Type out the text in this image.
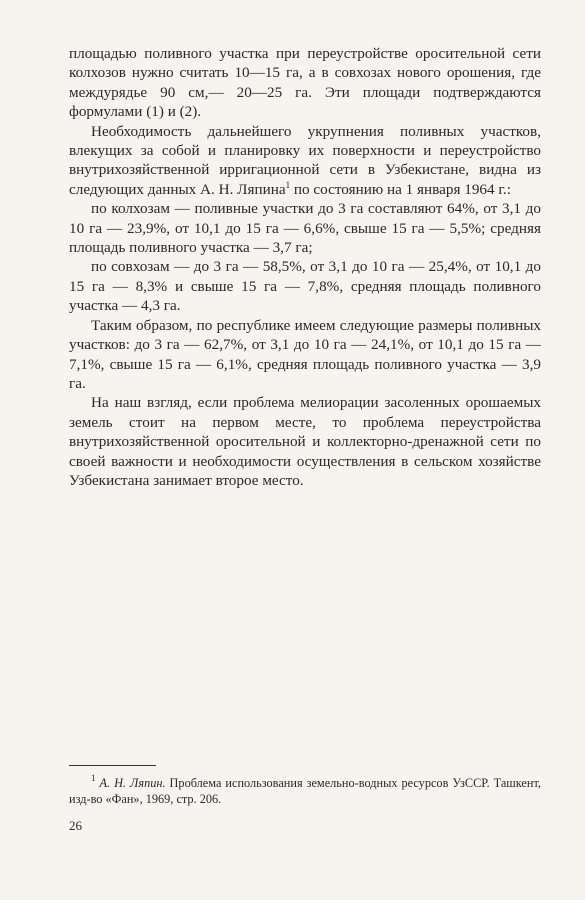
площадью поливного участка при переустройстве оросительной сети колхозов нужно считать 10—15 га, а в совхозах нового орошения, где междурядье 90 см,— 20—25 га. Эти площади подтверждаются формулами (1) и (2).

Необходимость дальнейшего укрупнения поливных участков, влекущих за собой и планировку их поверхности и переустройство внутрихозяйственной ирригационной сети в Узбекистане, видна из следующих данных А. Н. Ляпина$^1$ по состоянию на 1 января 1964 г.:

по колхозам — поливные участки до 3 га составляют 64%, от 3,1 до 10 га — 23,9%, от 10,1 до 15 га — 6,6%, свыше 15 га — 5,5%; средняя площадь поливного участка — 3,7 га;

по совхозам — до 3 га — 58,5%, от 3,1 до 10 га — 25,4%, от 10,1 до 15 га — 8,3% и свыше 15 га — 7,8%, средняя площадь поливного участка — 4,3 га.

Таким образом, по республике имеем следующие размеры поливных участков: до 3 га — 62,7%, от 3,1 до 10 га — 24,1%, от 10,1 до 15 га — 7,1%, свыше 15 га — 6,1%, средняя площадь поливного участка — 3,9 га.

На наш взгляд, если проблема мелиорации засоленных орошаемых земель стоит на первом месте, то проблема переустройства внутрихозяйственной оросительной и коллекторно-дренажной сети по своей важности и необходимости осуществления в сельском хозяйстве Узбекистана занимает второе место.

$^1$ А. Н. Ляпин. Проблема использования земельно-водных ресурсов УзССР. Ташкент, изд-во «Фан», 1969, стр. 206.
26
